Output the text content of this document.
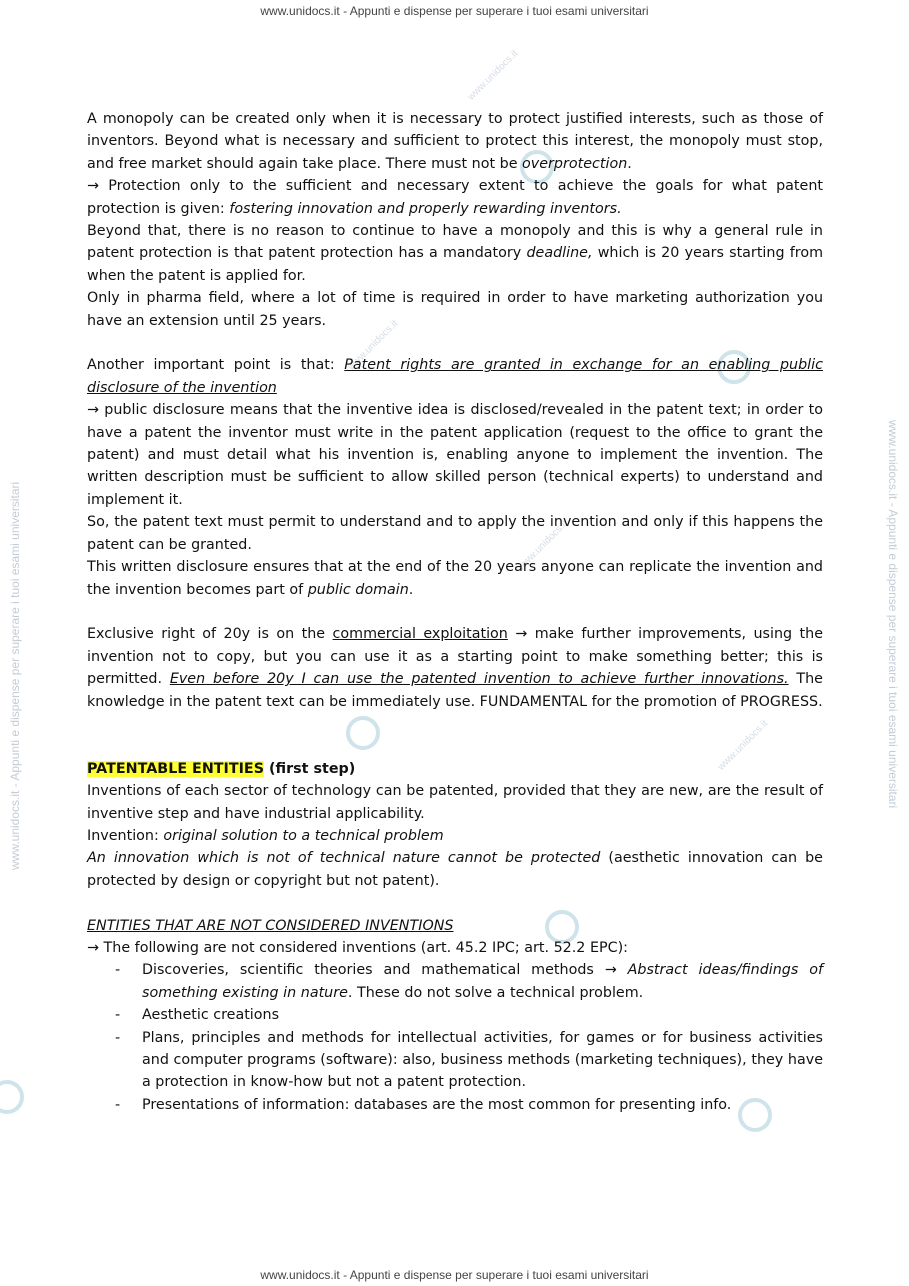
www.unidocs.it - Appunti e dispense per superare i tuoi esami universitari
www.unidocs.it - Appunti e dispense per superare i tuoi esami universitari	www.unidocs.it - Appunti e dispense per superare i tuoi esami universitari
www.unidocs.it
www.unidocs.it
www.unidocs.it
www.unidocs.it

A monopoly can be created only when it is necessary to protect justified interests, such as those of inventors. Beyond what is necessary and sufficient to protect this interest, the monopoly must stop, and free market should again take place. There must not be overprotection.

→ Protection only to the sufficient and necessary extent to achieve the goals for what patent protection is given: fostering innovation and properly rewarding inventors.

Beyond that, there is no reason to continue to have a monopoly and this is why a general rule in patent protection is that patent protection has a mandatory deadline, which is 20 years starting from when the patent is applied for.

Only in pharma field, where a lot of time is required in order to have marketing authorization you have an extension until 25 years.

Another important point is that: Patent rights are granted in exchange for an enabling public disclosure of the invention

→ public disclosure means that the inventive idea is disclosed/revealed in the patent text; in order to have a patent the inventor must write in the patent application (request to the office to grant the patent) and must detail what his invention is, enabling anyone to implement the invention. The written description must be sufficient to allow skilled person (technical experts) to understand and implement it.

So, the patent text must permit to understand and to apply the invention and only if this happens the patent can be granted.

This written disclosure ensures that at the end of the 20 years anyone can replicate the invention and the invention becomes part of public domain.

Exclusive right of 20y is on the commercial exploitation → make further improvements, using the invention not to copy, but you can use it as a starting point to make something better; this is permitted. Even before 20y I can use the patented invention to achieve further innovations. The knowledge in the patent text can be immediately use. FUNDAMENTAL for the promotion of PROGRESS.

PATENTABLE ENTITIES (first step)

Inventions of each sector of technology can be patented, provided that they are new, are the result of inventive step and have industrial applicability.

Invention: original solution to a technical problem

An innovation which is not of technical nature cannot be protected (aesthetic innovation can be protected by design or copyright but not patent).

ENTITIES THAT ARE NOT CONSIDERED INVENTIONS

→ The following are not considered inventions (art. 45.2 IPC; art. 52.2 EPC):

- Discoveries, scientific theories and mathematical methods → Abstract ideas/findings of something existing in nature. These do not solve a technical problem.
- Aesthetic creations
- Plans, principles and methods for intellectual activities, for games or for business activities and computer programs (software): also, business methods (marketing techniques), they have a protection in know-how but not a patent protection.
- Presentations of information: databases are the most common for presenting info.
www.unidocs.it - Appunti e dispense per superare i tuoi esami universitari
